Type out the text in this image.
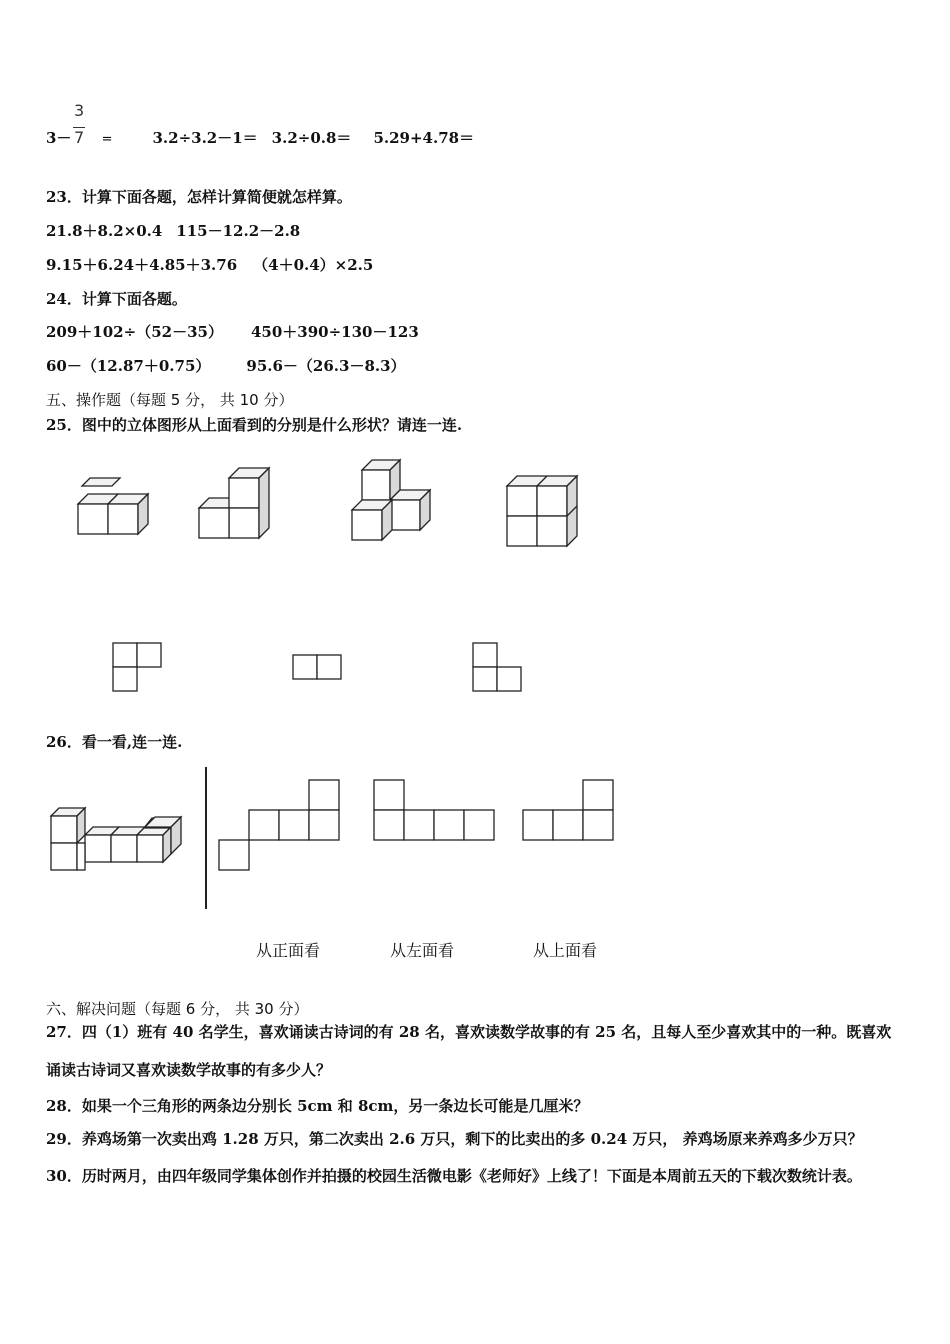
3
7
3－ =	3.2÷3.2－1＝ 3.2÷0.8＝ 5.29+4.78＝
23．计算下面各题，怎样计算简便就怎样算。
21.8＋8.2×0.4 115－12.2－2.8
9.15＋6.24＋4.85＋3.76 （4＋0.4）×2.5
24．计算下面各题。
209＋102÷（52－35） 450＋390÷130－123
60－（12.87＋0.75） 95.6－（26.3－8.3）
五、操作题（每题 5 分， 共 10 分）
25．图中的立体图形从上面看到的分别是什么形状？请连一连.
26．看一看,连一连.
从正面看	从左面看	从上面看
六、解决问题（每题 6 分， 共 30 分）
27．四（1）班有 40 名学生，喜欢诵读古诗词的有 28 名，喜欢读数学故事的有 25 名，且每人至少喜欢其中的一种。既喜欢诵读古诗词又喜欢读数学故事的有多少人？
28．如果一个三角形的两条边分别长 5cm 和 8cm，另一条边长可能是几厘米？
29．养鸡场第一次卖出鸡 1.28 万只，第二次卖出 2.6 万只，剩下的比卖出的多 0.24 万只， 养鸡场原来养鸡多少万只？
30．历时两月，由四年级同学集体创作并拍摄的校园生活微电影《老师好》上线了！下面是本周前五天的下载次数统计表。
